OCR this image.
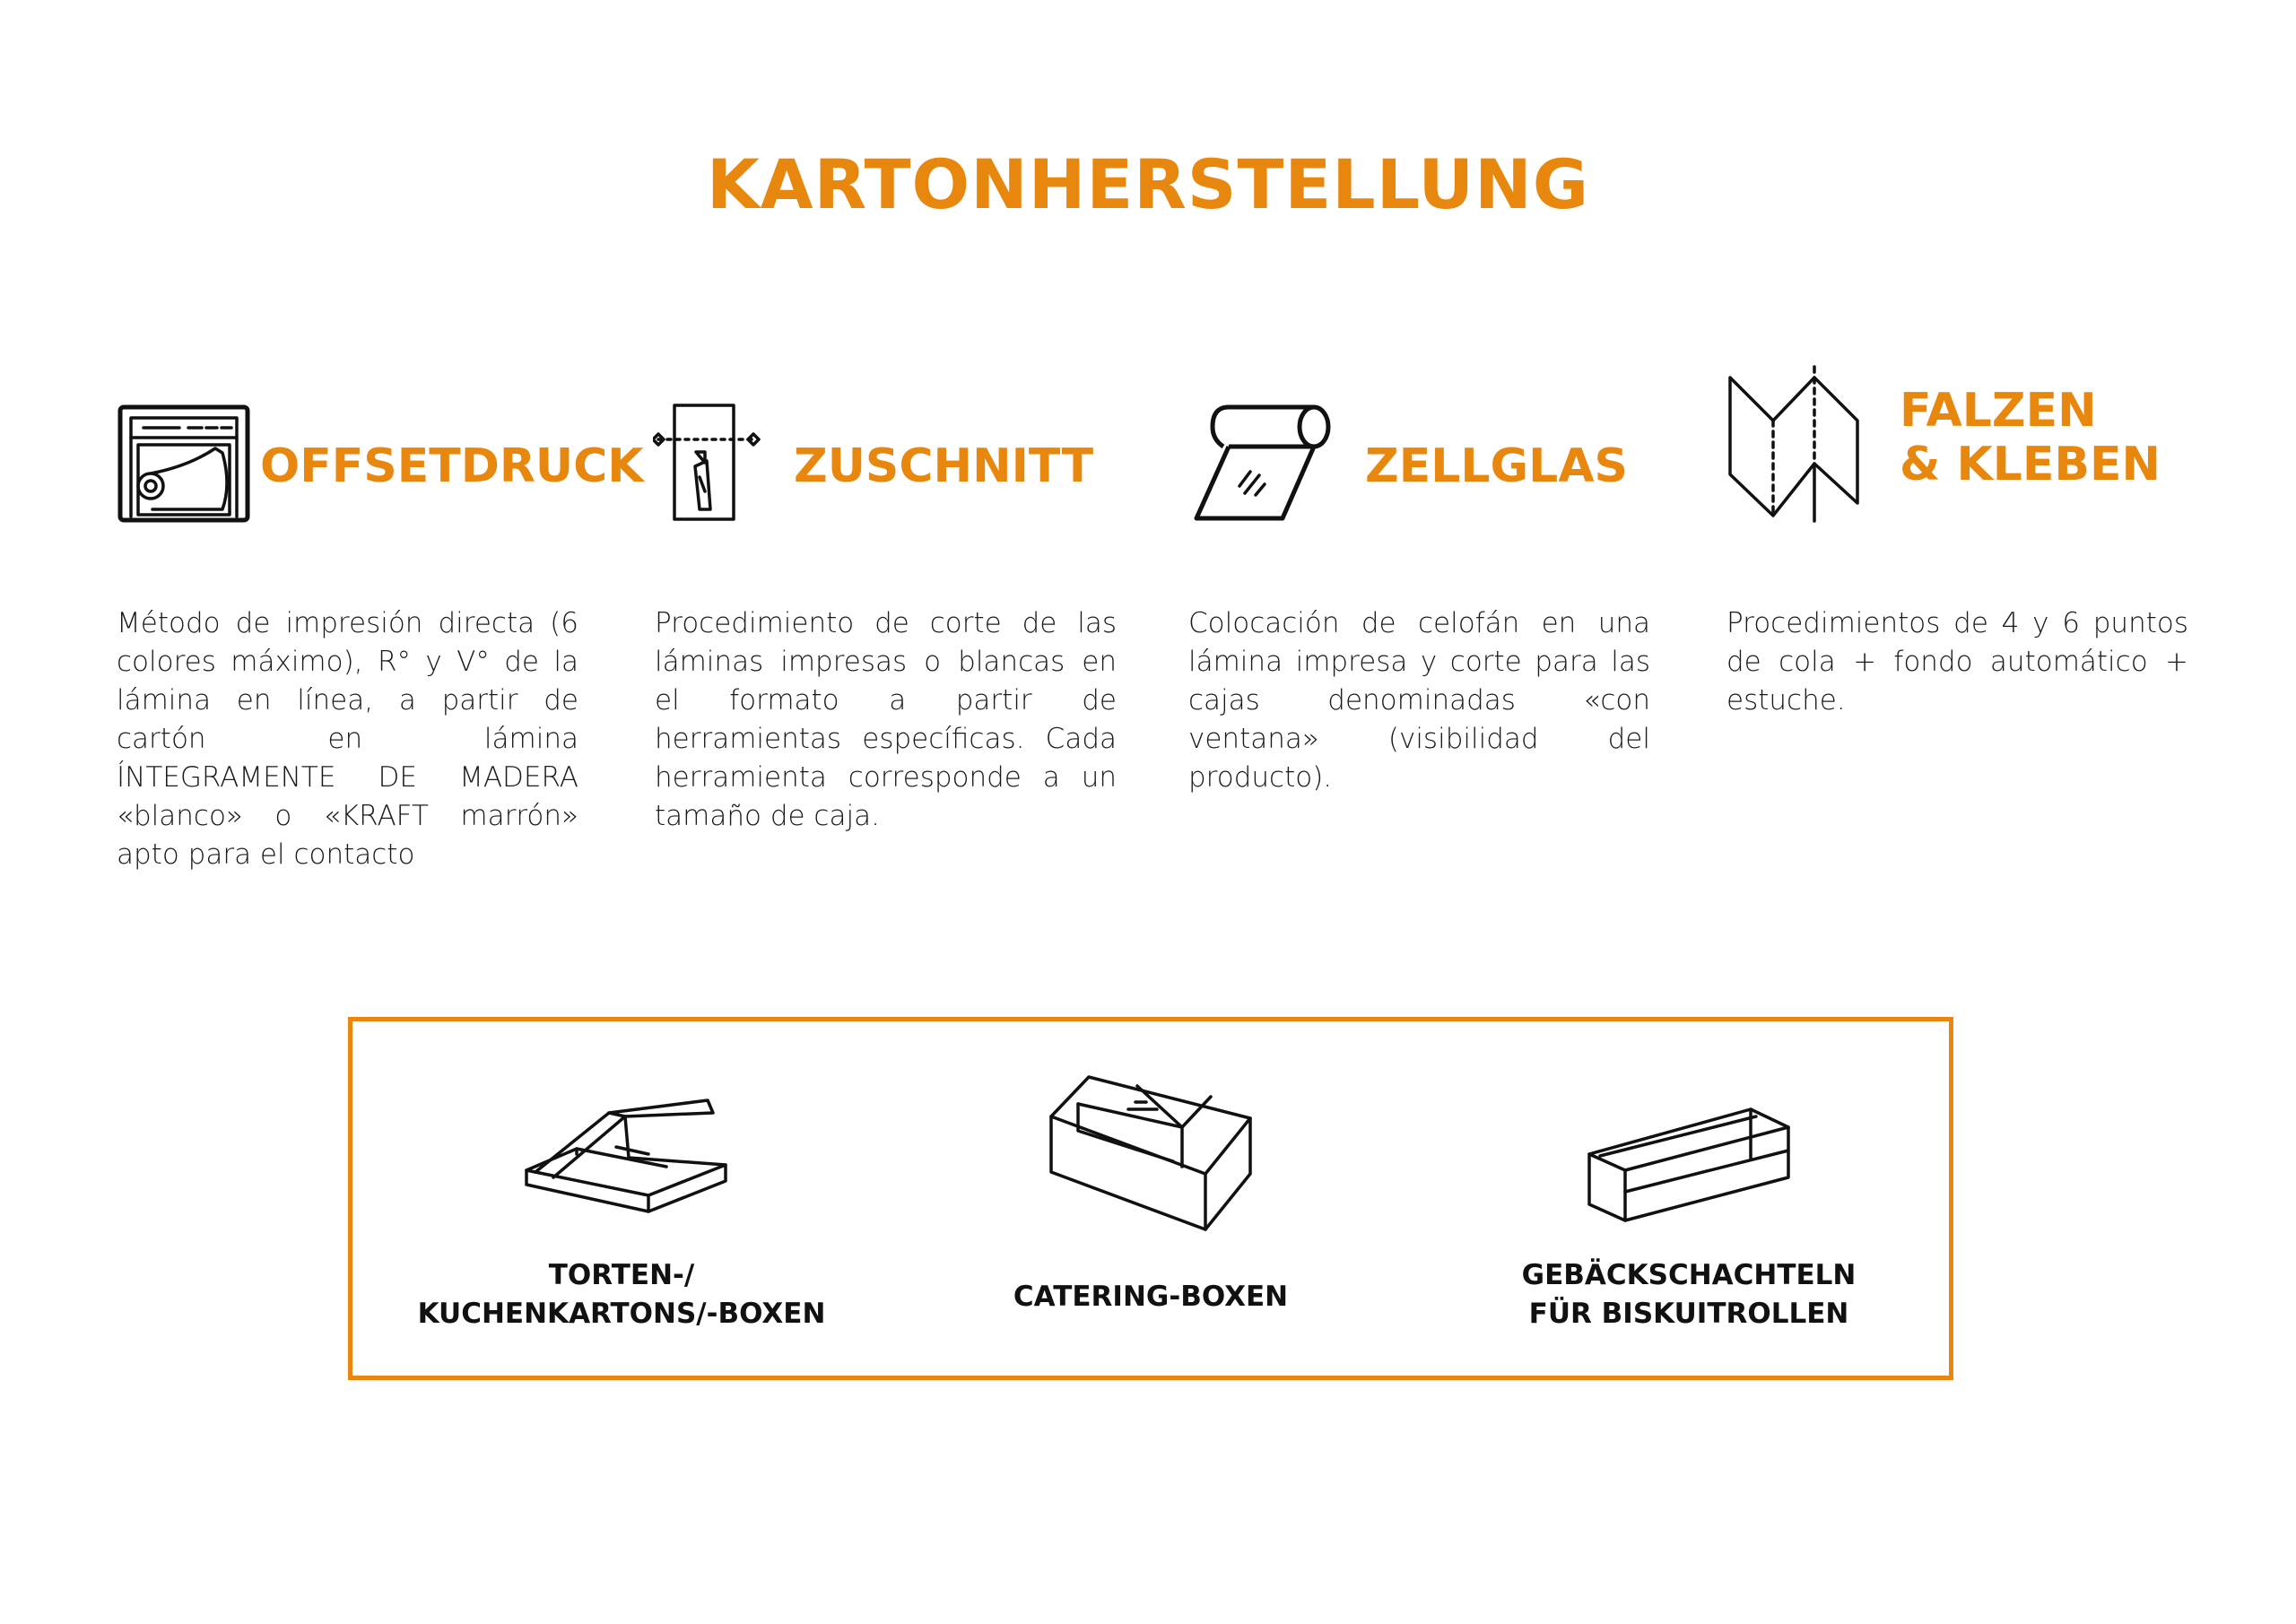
KARTONHERSTELLUNG
OFFSETDRUCK

Método de impresión directa (6 colores máximo), R° y V° de la lámina en línea, a partir de cartón en lámina ÍNTEGRAMENTE DE MADERA «blanco» o «KRAFT marrón» apto para el contacto

ZUSCHNITT

Procedimiento de corte de las láminas impresas o blancas en el formato a partir de herramientas específicas. Cada herramienta corresponde a un tamaño de caja.

ZELLGLAS

Colocación de celofán en una lámina impresa y corte para las cajas denominadas «con ventana» (visibilidad del producto).

FALZEN
& KLEBEN

Procedimientos de 4 y 6 puntos de cola + fondo automático + estuche.

TORTEN-/
KUCHENKARTONS/-BOXEN

CATERING-BOXEN

GEBÄCKSCHACHTELN
FÜR BISKUITROLLEN
